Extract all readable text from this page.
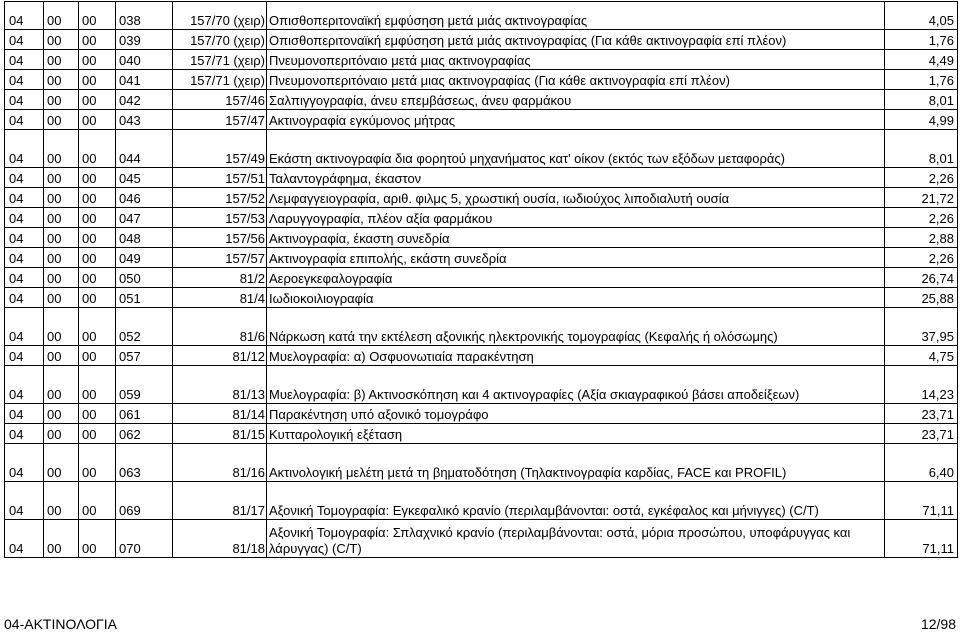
04	00	00	038	157/70 (χειρ)	Οπισθοπεριτοναϊκή εμφύσηση μετά μιάς ακτινογραφίας	4,05
04	00	00	039	157/70 (χειρ)	Οπισθοπεριτοναϊκή εμφύσηση μετά μιάς ακτινογραφίας (Για κάθε ακτινογραφία επί πλέον)	1,76
04	00	00	040	157/71 (χειρ)	Πνευμονοπεριτόναιο μετά μιας ακτινογραφίας	4,49
04	00	00	041	157/71 (χειρ)	Πνευμονοπεριτόναιο μετά μιας ακτινογραφίας (Για κάθε ακτινογραφία επί πλέον)	1,76
04	00	00	042	157/46	Σαλπιγγογραφία, άνευ επεμβάσεως, άνευ φαρμάκου	8,01
04	00	00	043	157/47	Ακτινογραφία εγκύμονος μήτρας	4,99
04	00	00	044	157/49	Εκάστη ακτινογραφία δια φορητού μηχανήματος κατ' οίκον (εκτός των εξόδων μεταφοράς)	8,01
04	00	00	045	157/51	Ταλαντογράφημα, έκαστον	2,26
04	00	00	046	157/52	Λεμφαγγειογραφία, αριθ. φιλμς 5, χρωστική ουσία, ιωδιούχος λιποδιαλυτή ουσία	21,72
04	00	00	047	157/53	Λαρυγγογραφία, πλέον αξία φαρμάκου	2,26
04	00	00	048	157/56	Ακτινογραφία, έκαστη συνεδρία	2,88
04	00	00	049	157/57	Ακτινογραφία επιπολής, εκάστη συνεδρία	2,26
04	00	00	050	81/2	Αεροεγκεφαλογραφία	26,74
04	00	00	051	81/4	Ιωδιοκοιλιογραφία	25,88
04	00	00	052	81/6	Νάρκωση κατά την εκτέλεση αξονικής ηλεκτρονικής τομογραφίας (Κεφαλής ή ολόσωμης)	37,95
04	00	00	057	81/12	Μυελογραφία: α) Οσφυονωτιαία παρακέντηση	4,75
04	00	00	059	81/13	Μυελογραφία: β) Ακτινοσκόπηση και 4 ακτινογραφίες (Αξία σκιαγραφικού βάσει αποδείξεων)	14,23
04	00	00	061	81/14	Παρακέντηση υπό αξονικό τομογράφο	23,71
04	00	00	062	81/15	Κυτταρολογική εξέταση	23,71
04	00	00	063	81/16	Ακτινολογική μελέτη μετά τη βηματοδότηση (Τηλακτινογραφία καρδίας, FACE και PROFIL)	6,40
04	00	00	069	81/17	Αξονική Τομογραφία: Εγκεφαλικό κρανίο (περιλαμβάνονται: οστά, εγκέφαλος και μήνιγγες) (C/T)	71,11
04	00	00	070	81/18	Αξονική Τομογραφία: Σπλαχνικό κρανίο (περιλαμβάνονται: οστά, μόρια προσώπου, υποφάρυγγας και λάρυγγας) (C/T)	71,11
04-ΑΚΤΙΝΟΛΟΓΙΑ	12/98
